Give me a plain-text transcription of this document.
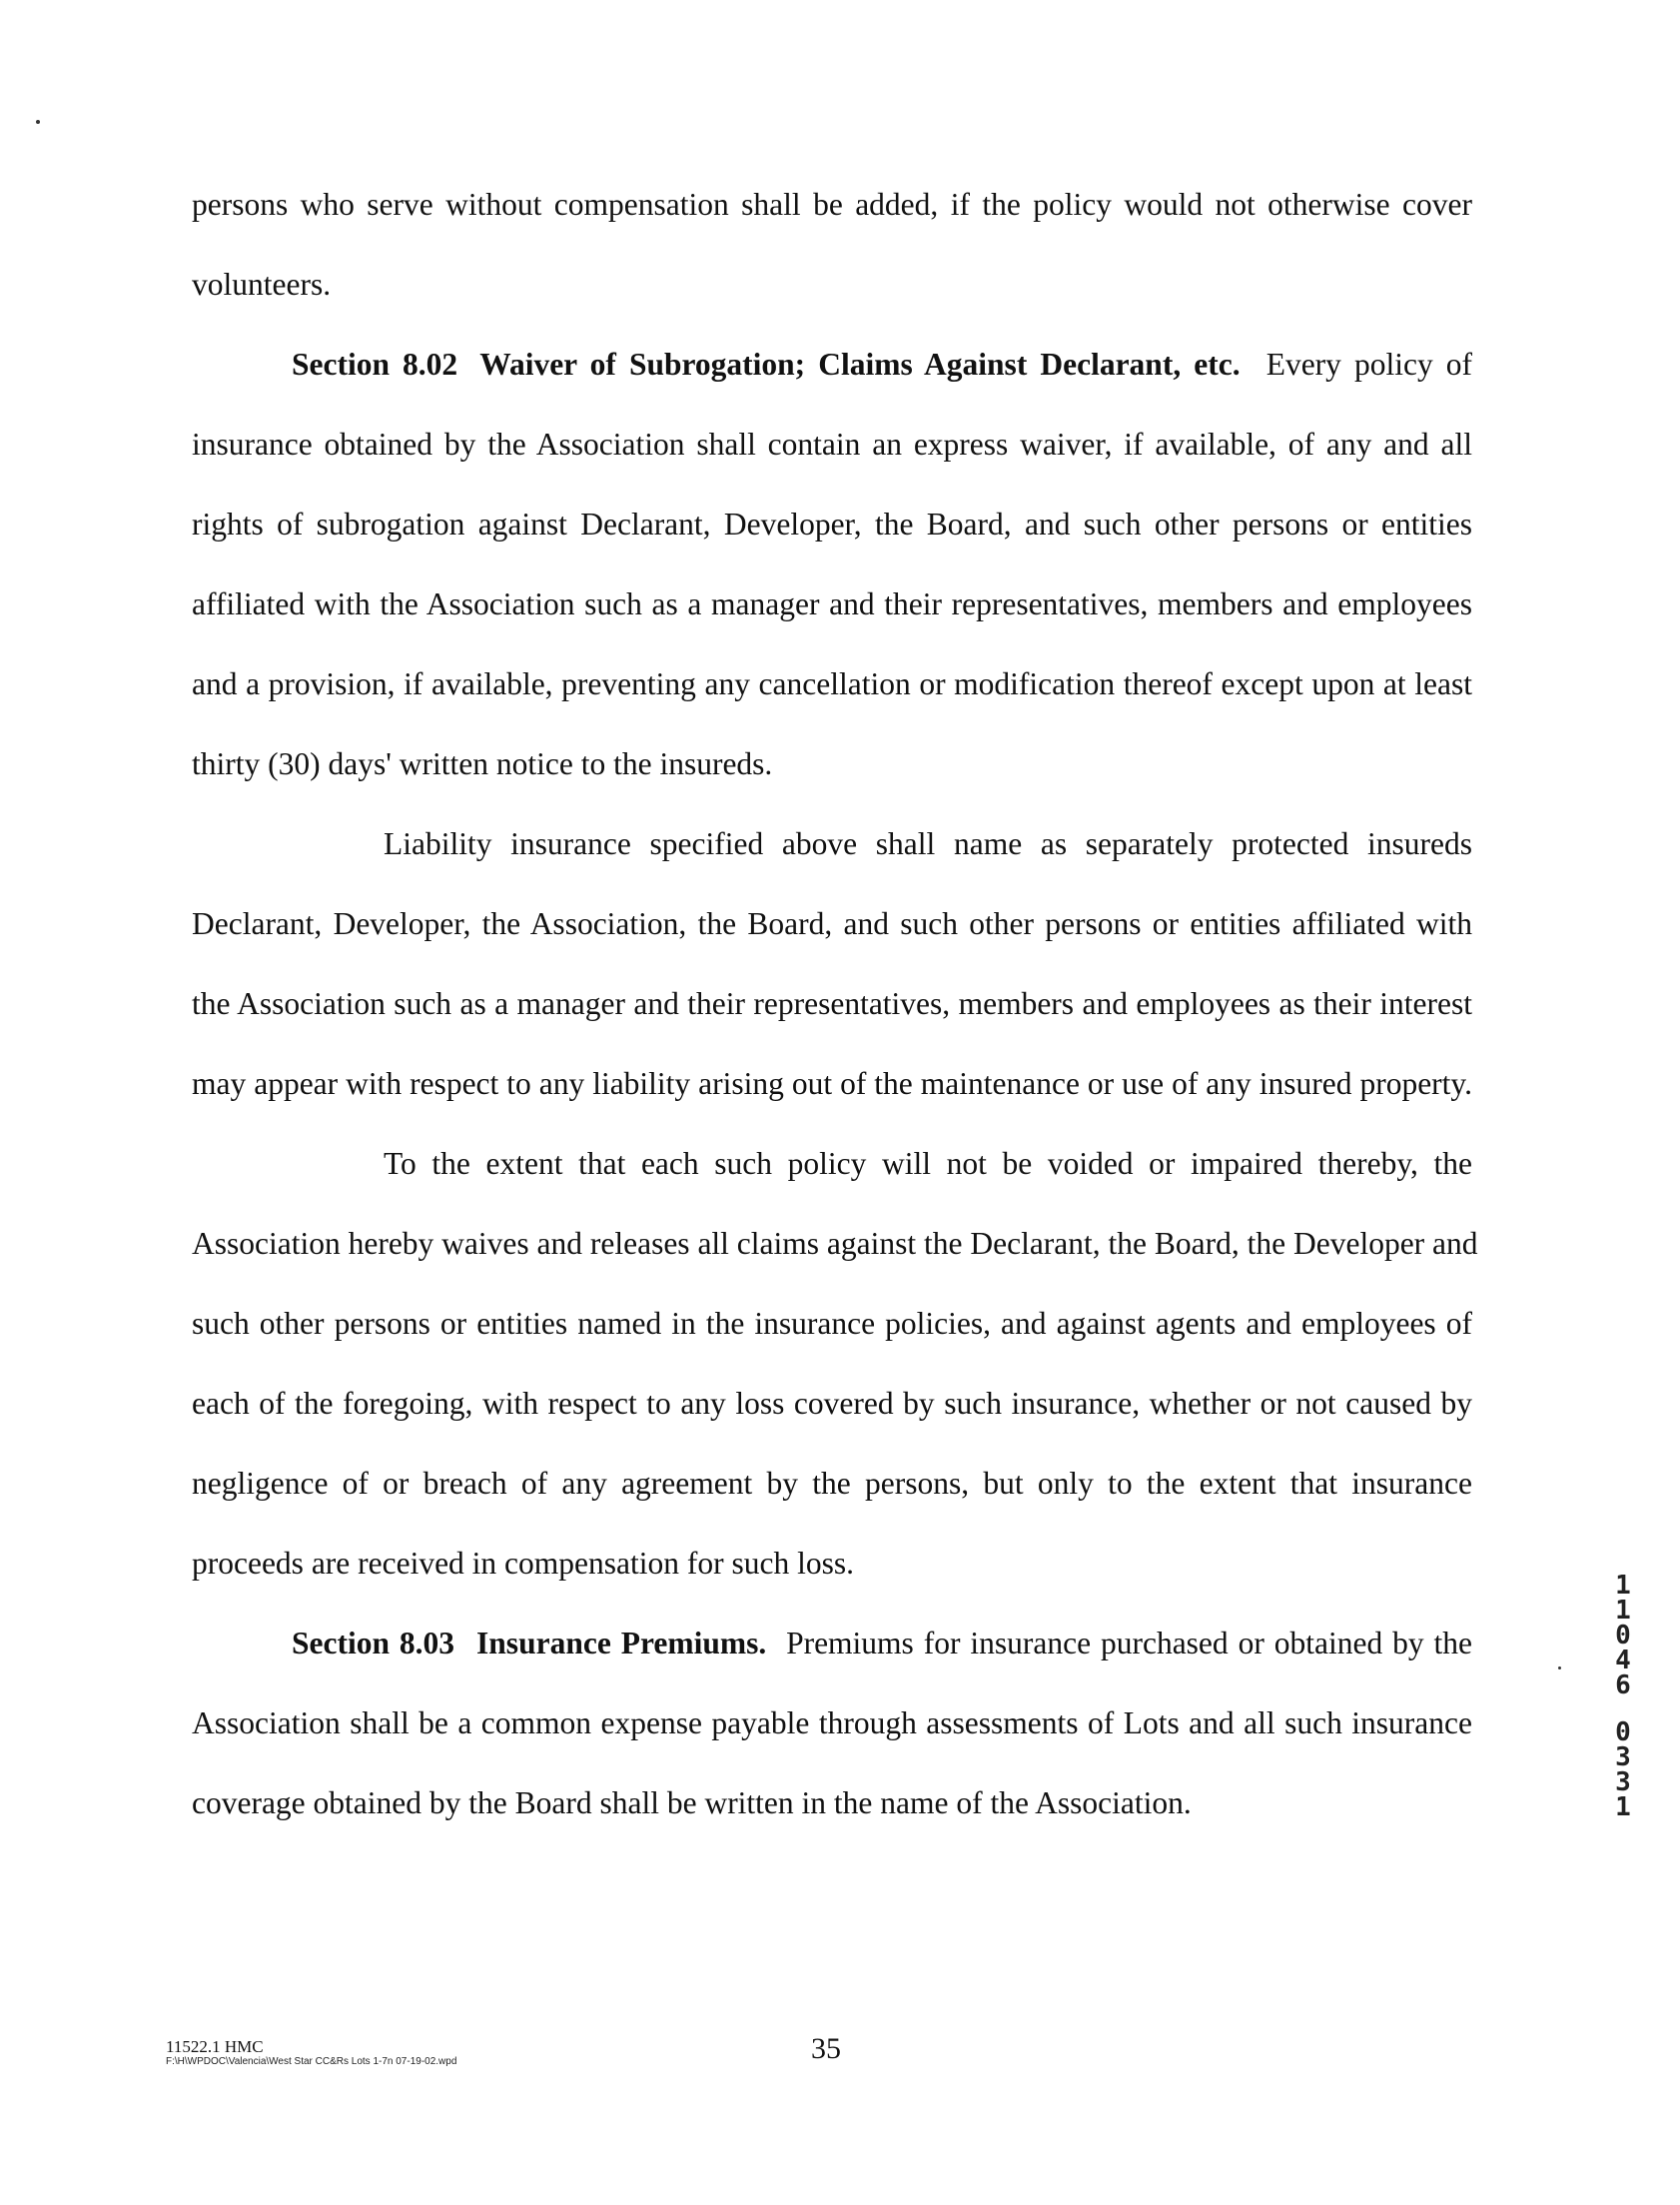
persons who serve without compensation shall be added, if the policy would not otherwise cover
volunteers.
Section 8.02 Waiver of Subrogation; Claims Against Declarant, etc. Every policy of
insurance obtained by the Association shall contain an express waiver, if available, of any and all
rights of subrogation against Declarant, Developer, the Board, and such other persons or entities
affiliated with the Association such as a manager and their representatives, members and employees
and a provision, if available, preventing any cancellation or modification thereof except upon at least
thirty (30) days' written notice to the insureds.
Liability insurance specified above shall name as separately protected insureds
Declarant, Developer, the Association, the Board, and such other persons or entities affiliated with
the Association such as a manager and their representatives, members and employees as their interest
may appear with respect to any liability arising out of the maintenance or use of any insured property.
To the extent that each such policy will not be voided or impaired thereby, the
Association hereby waives and releases all claims against the Declarant, the Board, the Developer and
such other persons or entities named in the insurance policies, and against agents and employees of
each of the foregoing, with respect to any loss covered by such insurance, whether or not caused by
negligence of or breach of any agreement by the persons, but only to the extent that insurance
proceeds are received in compensation for such loss.
Section 8.03 Insurance Premiums. Premiums for insurance purchased or obtained by the
Association shall be a common expense payable through assessments of Lots and all such insurance
coverage obtained by the Board shall be written in the name of the Association.
11522.1 HMC
F:\H\WPDOC\Valencia\West Star CC&Rs Lots 1-7n 07-19-02.wpd	35
1
1
0
4
6
0
3
3
1
